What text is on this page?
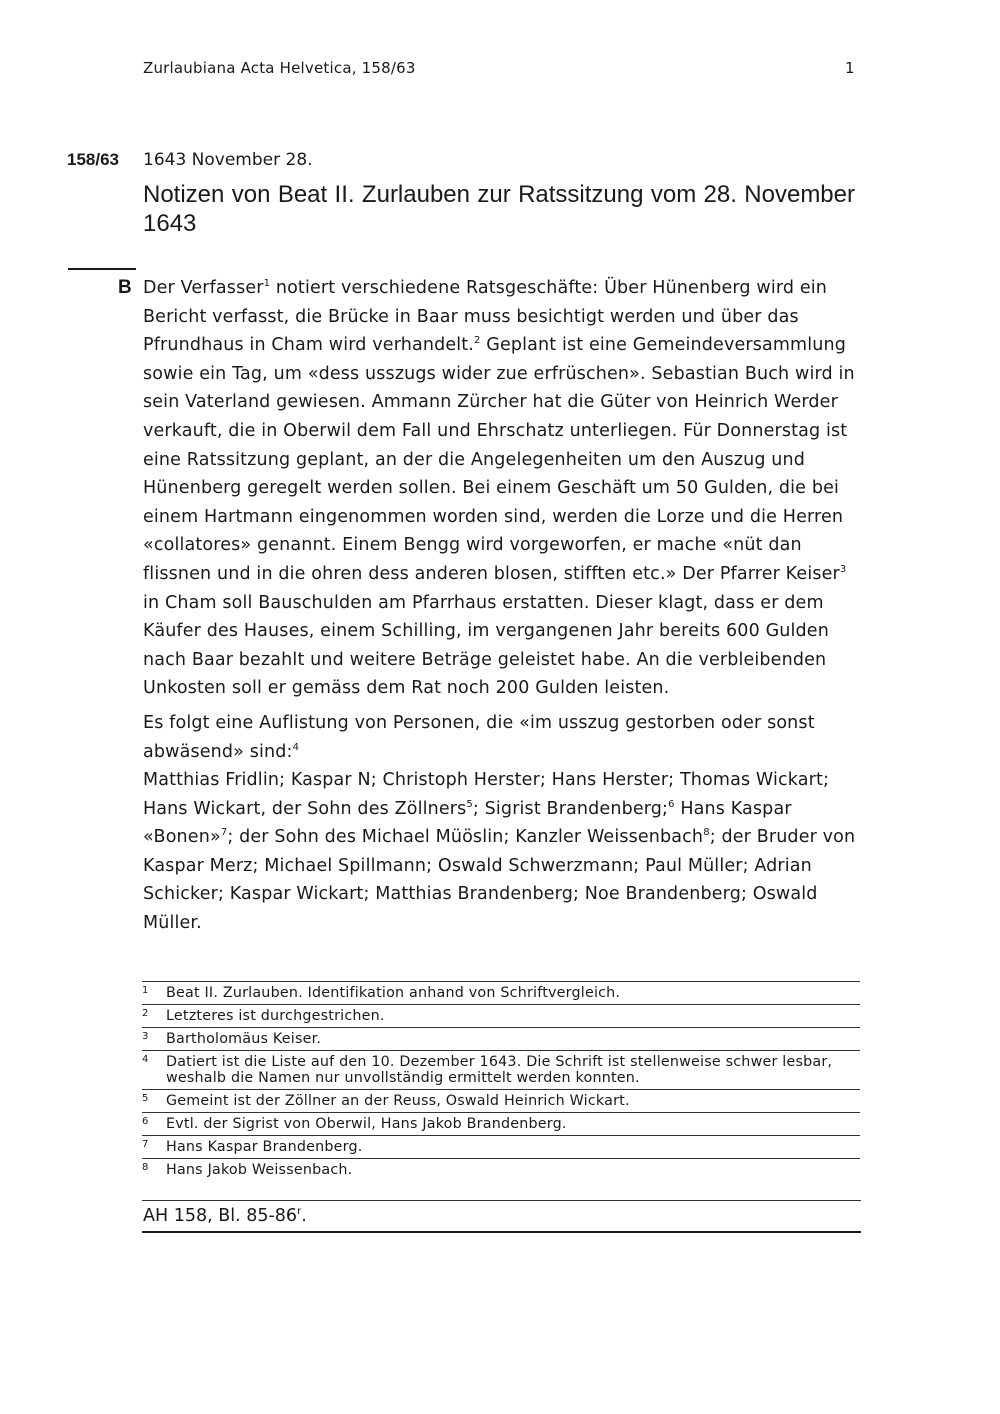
Zurlaubiana Acta Helvetica, 158/63	1
158/63 1643 November 28.
Notizen von Beat II. Zurlauben zur Ratssitzung vom 28. November 1643
B Der Verfasser$^1$ notiert verschiedene Ratsgeschäfte: Über Hünenberg wird ein
Bericht verfasst, die Brücke in Baar muss besichtigt werden und über das
Pfrundhaus in Cham wird verhandelt.$^2$ Geplant ist eine Gemeindeversammlung
sowie ein Tag, um «dess usszugs wider zue erfrüschen». Sebastian Buch wird in
sein Vaterland gewiesen. Ammann Zürcher hat die Güter von Heinrich Werder
verkauft, die in Oberwil dem Fall und Ehrschatz unterliegen. Für Donnerstag ist
eine Ratssitzung geplant, an der die Angelegenheiten um den Auszug und
Hünenberg geregelt werden sollen. Bei einem Geschäft um 50 Gulden, die bei
einem Hartmann eingenommen worden sind, werden die Lorze und die Herren
«collatores» genannt. Einem Bengg wird vorgeworfen, er mache «nüt dan
flissnen und in die ohren dess anderen blosen, stifften etc.» Der Pfarrer Keiser$^3$
in Cham soll Bauschulden am Pfarrhaus erstatten. Dieser klagt, dass er dem
Käufer des Hauses, einem Schilling, im vergangenen Jahr bereits 600 Gulden
nach Baar bezahlt und weitere Beträge geleistet habe. An die verbleibenden
Unkosten soll er gemäss dem Rat noch 200 Gulden leisten.

Es folgt eine Auflistung von Personen, die «im usszug gestorben oder sonst
abwäsend» sind:$^4$
Matthias Fridlin; Kaspar N; Christoph Herster; Hans Herster; Thomas Wickart;
Hans Wickart, der Sohn des Zöllners$^5$; Sigrist Brandenberg;$^6$ Hans Kaspar
«Bonen»$^7$; der Sohn des Michael Müöslin; Kanzler Weissenbach$^8$; der Bruder von
Kaspar Merz; Michael Spillmann; Oswald Schwerzmann; Paul Müller; Adrian
Schicker; Kaspar Wickart; Matthias Brandenberg; Noe Brandenberg; Oswald
Müller.

1 Beat II. Zurlauben. Identifikation anhand von Schriftvergleich.
2 Letzteres ist durchgestrichen.
3 Bartholomäus Keiser.
4 Datiert ist die Liste auf den 10. Dezember 1643. Die Schrift ist stellenweise schwer lesbar, weshalb die Namen nur unvollständig ermittelt werden konnten.
5 Gemeint ist der Zöllner an der Reuss, Oswald Heinrich Wickart.
6 Evtl. der Sigrist von Oberwil, Hans Jakob Brandenberg.
7 Hans Kaspar Brandenberg.
8 Hans Jakob Weissenbach.
AH 158, Bl. 85-86$^r$.
